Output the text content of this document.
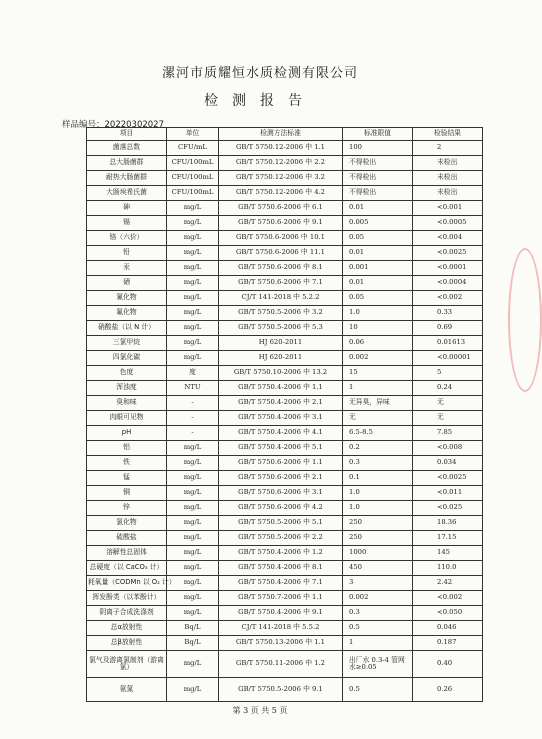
漯河市质耀恒水质检测有限公司
检测报告
样品编号：20220302027
项目	单位	检测方法标准	标准限值	检验结果
菌落总数	CFU/mL	GB/T 5750.12-2006 中 1.1	100	2
总大肠菌群	CFU/100mL	GB/T 5750.12-2006 中 2.2	不得检出	未检出
耐热大肠菌群	CFU/100mL	GB/T 5750.12-2006 中 3.2	不得检出	未检出
大肠埃希氏菌	CFU/100mL	GB/T 5750.12-2006 中 4.2	不得检出	未检出
砷	mg/L	GB/T 5750.6-2006 中 6.1	0.01	<0.001
镉	mg/L	GB/T 5750.6-2006 中 9.1	0.005	<0.0005
铬（六价）	mg/L	GB/T 5750.6-2006 中 10.1	0.05	<0.004
铅	mg/L	GB/T 5750.6-2006 中 11.1	0.01	<0.0025
汞	mg/L	GB/T 5750.6-2006 中 8.1	0.001	<0.0001
硒	mg/L	GB/T 5750.6-2006 中 7.1	0.01	<0.0004
氰化物	mg/L	CJ/T 141-2018 中 5.2.2	0.05	<0.002
氟化物	mg/L	GB/T 5750.5-2006 中 3.2	1.0	0.33
硝酸盐（以 N 计）	mg/L	GB/T 5750.5-2006 中 5.3	10	0.69
三氯甲烷	mg/L	HJ 620-2011	0.06	0.01613
四氯化碳	mg/L	HJ 620-2011	0.002	<0.00001
色度	度	GB/T 5750.10-2006 中 13.2	15	5
浑浊度	NTU	GB/T 5750.4-2006 中 1.1	1	0.24
臭和味	-	GB/T 5750.4-2006 中 2.1	无异臭，异味	无
肉眼可见物	-	GB/T 5750.4-2006 中 3.1	无	无
pH	-	GB/T 5750.4-2006 中 4.1	6.5-8.5	7.85
铝	mg/L	GB/T 5750.4-2006 中 5.1	0.2	<0.008
铁	mg/L	GB/T 5750.6-2006 中 1.1	0.3	0.034
锰	mg/L	GB/T 5750.6-2006 中 2.1	0.1	<0.0025
铜	mg/L	GB/T 5750.6-2006 中 3.1	1.0	<0.011
锌	mg/L	GB/T 5750.6-2006 中 4.2	1.0	<0.025
氯化物	mg/L	GB/T 5750.5-2006 中 5.1	250	18.36
硫酸盐	mg/L	GB/T 5750.5-2006 中 2.2	250	17.15
溶解性总固体	mg/L	GB/T 5750.4-2006 中 1.2	1000	145
总硬度（以 CaCO₃ 计）	mg/L	GB/T 5750.4-2006 中 8.1	450	110.0
耗氧量（CODMn 以 O₂ 计）	mg/L	GB/T 5750.4-2006 中 7.1	3	2.42
挥发酚类（以苯酚计）	mg/L	GB/T 5750.7-2006 中 1.1	0.002	<0.002
阴离子合成洗涤剂	mg/L	GB/T 5750.4-2006 中 9.1	0.3	<0.050
总α放射性	Bq/L	CJ/T 141-2018 中 5.5.2	0.5	0.046
总β放射性	Bq/L	GB/T 5750.13-2006 中 1.1	1	0.187
氯气及游离氯制剂（游离氯）	mg/L	GB/T 5750.11-2006 中 1.2	出厂水 0.3-4 管网水≥0.05	0.40
氨氮	mg/L	GB/T 5750.5-2006 中 9.1	0.5	0.26
第 3 页 共 5 页
